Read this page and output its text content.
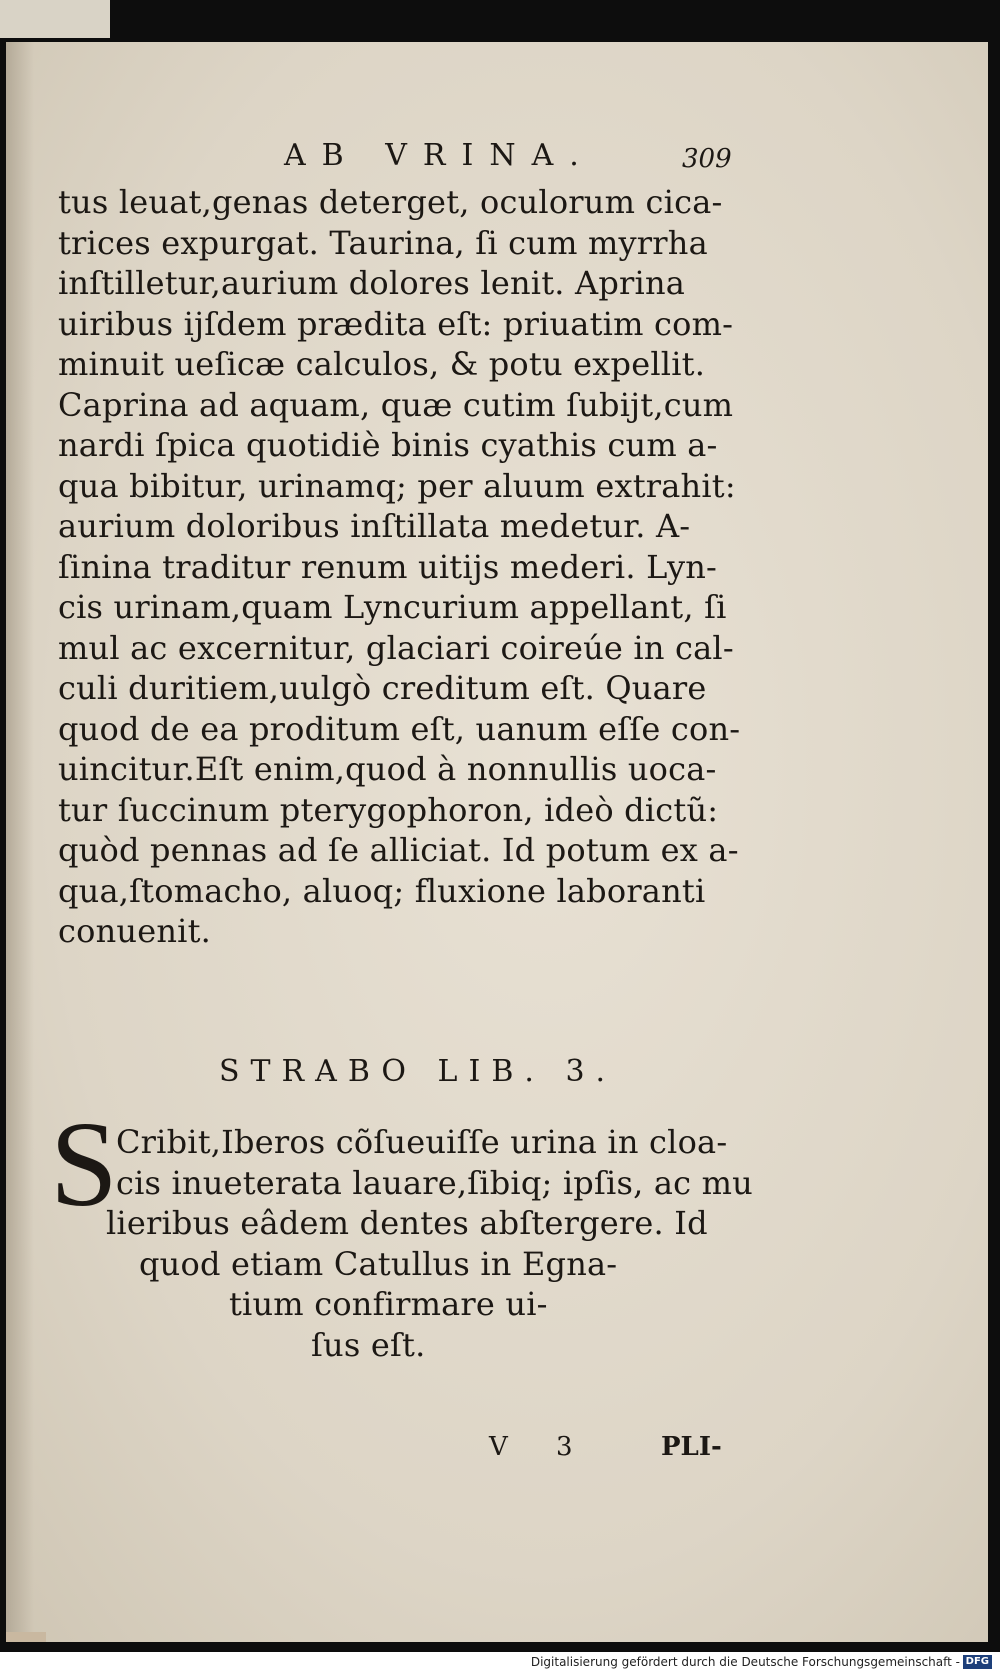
AB VRINA.	309
tus leuat,genas deterget, oculorum cica-
trices expurgat. Taurina, ſi cum myrrha
inſtilletur,aurium dolores lenit. Aprina
uiribus ijſdem prædita eſt: priuatim com-
minuit ueſicæ calculos, & potu expellit.
Caprina ad aquam, quæ cutim ſubijt,cum
nardi ſpica quotidiè binis cyathis cum a-
qua bibitur, urinamq; per aluum extrahit:
aurium doloribus inſtillata medetur. A-
ſinina traditur renum uitijs mederi. Lyn-
cis urinam,quam Lyncurium appellant, ſi
mul ac excernitur, glaciari coireúe in cal-
culi duritiem,uulgò creditum eſt. Quare
quod de ea proditum eſt, uanum eſſe con-
uincitur.Eſt enim,quod à nonnullis uoca-
tur ſuccinum pterygophoron, ideò dictũ:
quòd pennas ad ſe alliciat. Id potum ex a-
qua,ſtomacho, aluoq; fluxione laboranti
conuenit.
STRABO LIB. 3.
S
Cribit,Iberos cõſueuiſſe urina in cloa-
cis inueterata lauare,ſibiq; ipſis, ac mu
lieribus eâdem dentes abſtergere. Id
quod etiam Catullus in Egna-
tium confirmare ui-
ſus eſt.
V 3	PLI-
Digitalisierung gefördert durch die Deutsche Forschungsgemeinschaft - DFG
